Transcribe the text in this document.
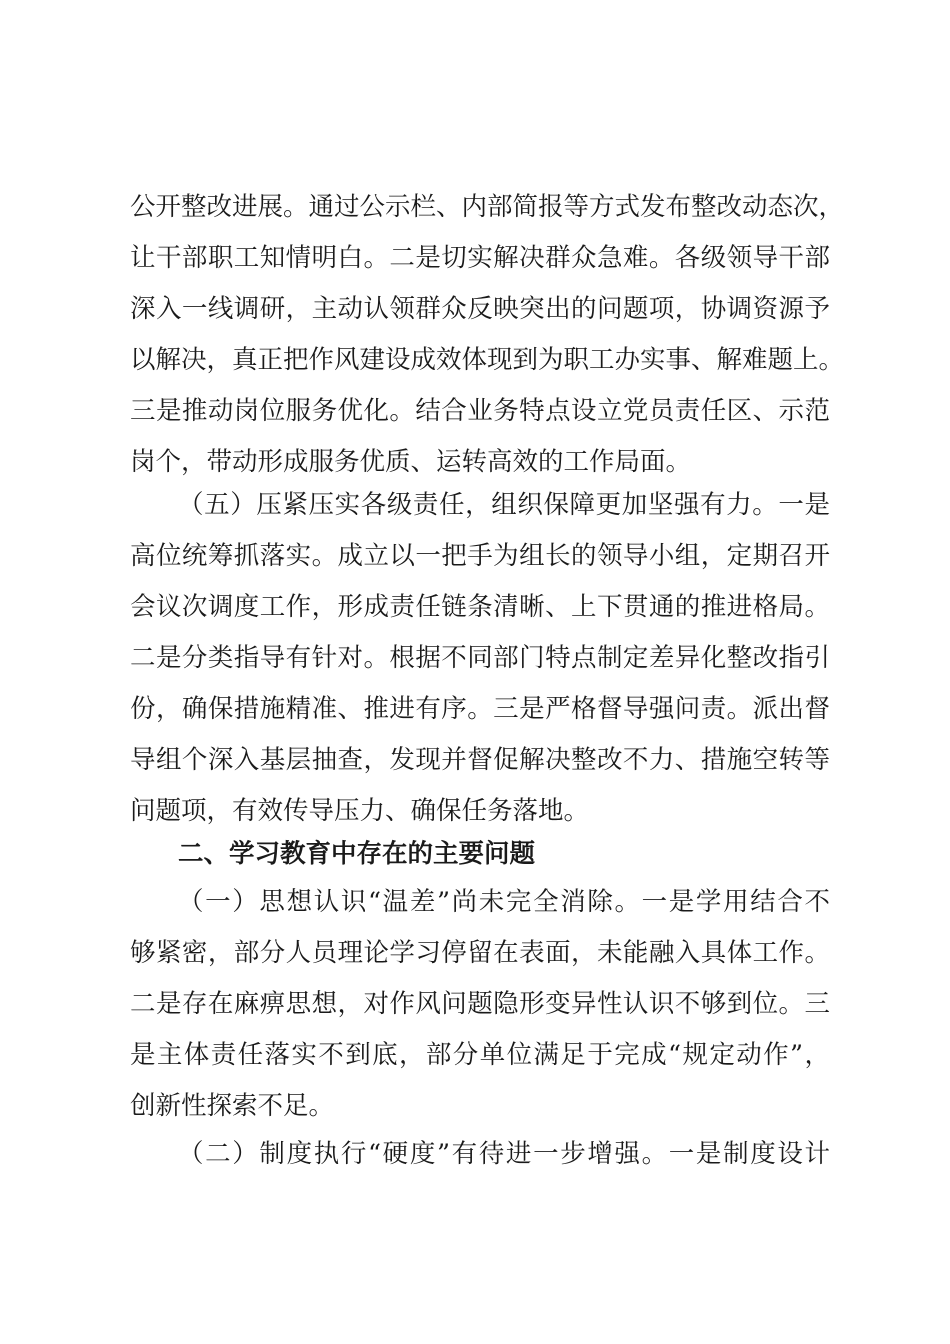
公开整改进展。通过公示栏、内部简报等方式发布整改动态次，
让干部职工知情明白。二是切实解决群众急难。各级领导干部
深入一线调研，主动认领群众反映突出的问题项，协调资源予
以解决，真正把作风建设成效体现到为职工办实事、解难题上。
三是推动岗位服务优化。结合业务特点设立党员责任区、示范
岗个，带动形成服务优质、运转高效的工作局面。
（五）压紧压实各级责任，组织保障更加坚强有力。一是
高位统筹抓落实。成立以一把手为组长的领导小组，定期召开
会议次调度工作，形成责任链条清晰、上下贯通的推进格局。
二是分类指导有针对。根据不同部门特点制定差异化整改指引
份，确保措施精准、推进有序。三是严格督导强问责。派出督
导组个深入基层抽查，发现并督促解决整改不力、措施空转等
问题项，有效传导压力、确保任务落地。
二、学习教育中存在的主要问题
（一）思想认识“温差”尚未完全消除。一是学用结合不
够紧密，部分人员理论学习停留在表面，未能融入具体工作。
二是存在麻痹思想，对作风问题隐形变异性认识不够到位。三
是主体责任落实不到底，部分单位满足于完成“规定动作”，
创新性探索不足。
（二）制度执行“硬度”有待进一步增强。一是制度设计
